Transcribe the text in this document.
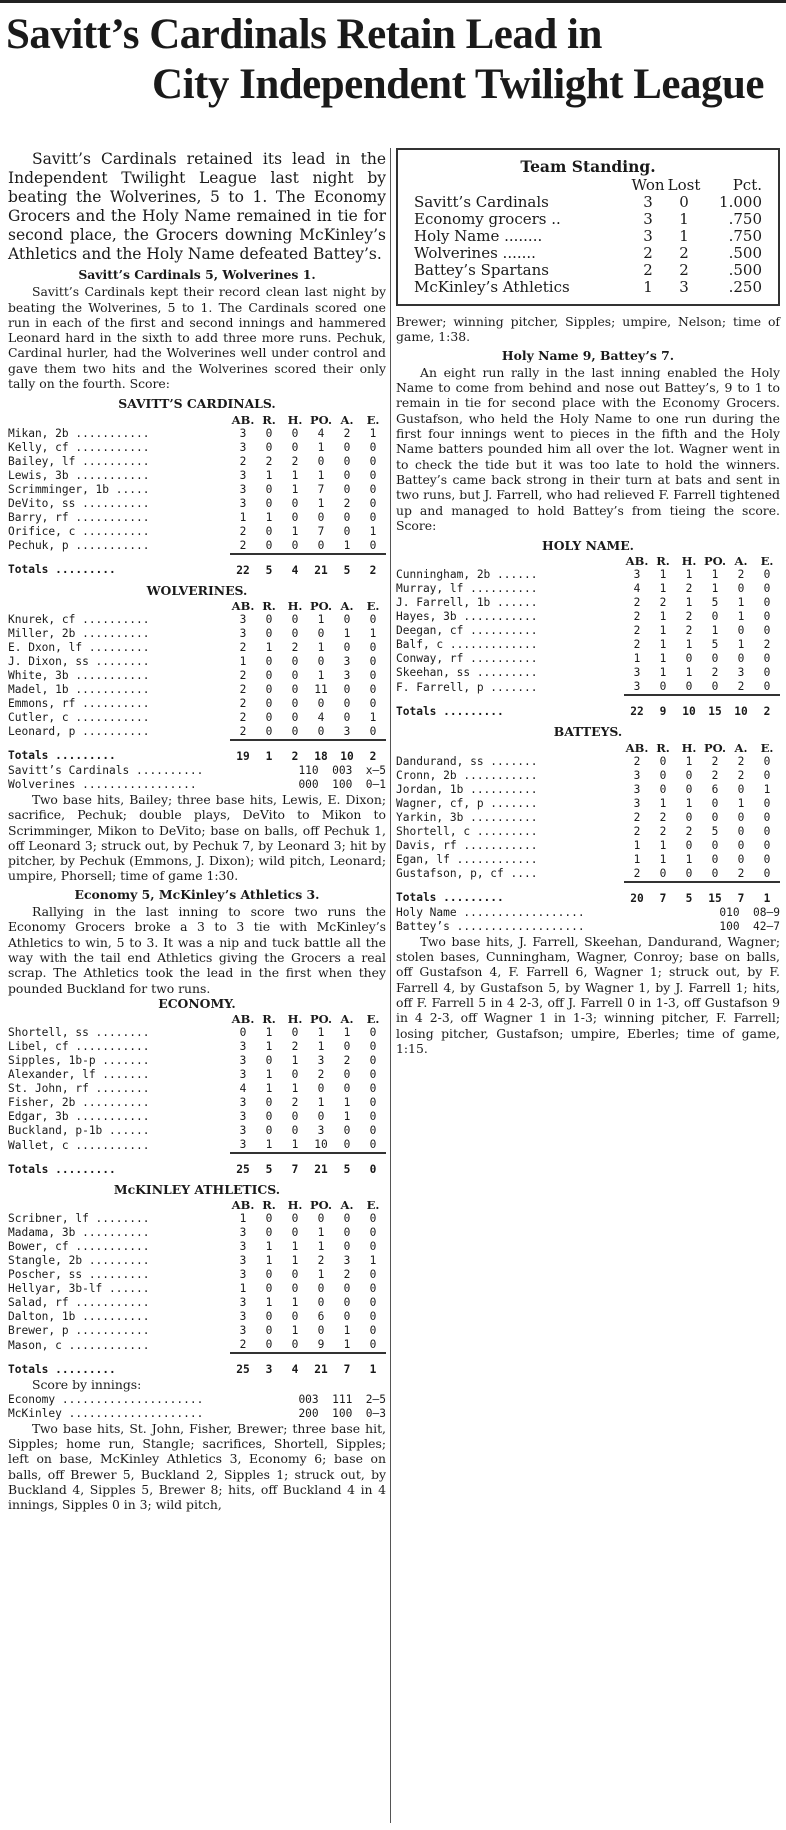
Savitt’s Cardinals Retain Lead in
City Independent Twilight League

Savitt’s Cardinals retained its lead in the Independent Twilight League last night by beating the Wolverines, 5 to 1. The Economy Grocers and the Holy Name remained in tie for second place, the Grocers downing McKinley’s Athletics and the Holy Name defeated Battey’s.

Savitt’s Cardinals 5, Wolverines 1.

Savitt’s Cardinals kept their record clean last night by beating the Wolverines, 5 to 1. The Cardinals scored one run in each of the first and second innings and hammered Leonard hard in the sixth to add three more runs. Pechuk, Cardinal hurler, had the Wolverines well under control and gave them two hits and the Wolverines scored their only tally on the fourth. Score:

SAVITT’S CARDINALS.
	AB.	R.	H.	PO.	A.	E.
Mikan, 2b ...........	3	0	0	4	2	1
Kelly, cf ...........	3	0	0	1	0	0
Bailey, lf ..........	2	2	2	0	0	0
Lewis, 3b ...........	3	1	1	1	0	0
Scrimminger, 1b .....	3	0	1	7	0	0
DeVito, ss ..........	3	0	0	1	2	0
Barry, rf ...........	1	1	0	0	0	0
Orifice, c ..........	2	0	1	7	0	1
Pechuk, p ...........	2	0	0	0	1	0
Totals .........	22	5	4	21	5	2
WOLVERINES.
	AB.	R.	H.	PO.	A.	E.
Knurek, cf ..........	3	0	0	1	0	0
Miller, 2b ..........	3	0	0	0	1	1
E. Dxon, lf .........	2	1	2	1	0	0
J. Dixon, ss ........	1	0	0	0	3	0
White, 3b ...........	2	0	0	1	3	0
Madel, 1b ...........	2	0	0	11	0	0
Emmons, rf ..........	2	0	0	0	0	0
Cutler, c ...........	2	0	0	4	0	1
Leonard, p ..........	2	0	0	0	3	0
Totals .........	19	1	2	18	10	2
Savitt’s Cardinals ..........	110  003  x—5
Wolverines .................	000  100  0—1

Two base hits, Bailey; three base hits, Lewis, E. Dixon; sacrifice, Pechuk; double plays, DeVito to Mikon to Scrimminger, Mikon to DeVito; base on balls, off Pechuk 1, off Leonard 3; struck out, by Pechuk 7, by Leonard 3; hit by pitcher, by Pechuk (Emmons, J. Dixon); wild pitch, Leonard; umpire, Phorsell; time of game 1:30.

Economy 5, McKinley’s Athletics 3.

Rallying in the last inning to score two runs the Economy Grocers broke a 3 to 3 tie with McKinley’s Athletics to win, 5 to 3. It was a nip and tuck battle all the way with the tail end Athletics giving the Grocers a real scrap. The Athletics took the lead in the first when they pounded Buckland for two runs.

ECONOMY.
	AB.	R.	H.	PO.	A.	E.
Shortell, ss ........	0	1	0	1	1	0
Libel, cf ...........	3	1	2	1	0	0
Sipples, 1b-p .......	3	0	1	3	2	0
Alexander, lf .......	3	1	0	2	0	0
St. John, rf ........	4	1	1	0	0	0
Fisher, 2b ..........	3	0	2	1	1	0
Edgar, 3b ...........	3	0	0	0	1	0
Buckland, p-1b ......	3	0	0	3	0	0
Wallet, c ...........	3	1	1	10	0	0
Totals .........	25	5	7	21	5	0
McKINLEY ATHLETICS.
	AB.	R.	H.	PO.	A.	E.
Scribner, lf ........	1	0	0	0	0	0
Madama, 3b ..........	3	0	0	1	0	0
Bower, cf ...........	3	1	1	1	0	0
Stangle, 2b .........	3	1	1	2	3	1
Poscher, ss .........	3	0	0	1	2	0
Hellyar, 3b-lf ......	1	0	0	0	0	0
Salad, rf ...........	3	1	1	0	0	0
Dalton, 1b ..........	3	0	0	6	0	0
Brewer, p ...........	3	0	1	0	1	0
Mason, c ............	2	0	0	9	1	0
Totals .........	25	3	4	21	7	1
Score by innings:
Economy .....................	003  111  2—5
McKinley ....................	200  100  0—3

Two base hits, St. John, Fisher, Brewer; three base hit, Sipples; home run, Stangle; sacrifices, Shortell, Sipples; left on base, McKinley Athletics 3, Economy 6; base on balls, off Brewer 5, Buckland 2, Sipples 1; struck out, by Buckland 4, Sipples 5, Brewer 8; hits, off Buckland 4 in 4 innings, Sipples 0 in 3; wild pitch,

Team Standing.
	Won	Lost	Pct.
Savitt’s Cardinals	3	0	1.000
Economy grocers ..	3	1	.750
Holy Name ........	3	1	.750
Wolverines .......	2	2	.500
Battey’s Spartans	2	2	.500
McKinley’s Athletics	1	3	.250

Brewer; winning pitcher, Sipples; umpire, Nelson; time of game, 1:38.

Holy Name 9, Battey’s 7.

An eight run rally in the last inning enabled the Holy Name to come from behind and nose out Battey’s, 9 to 1 to remain in tie for second place with the Economy Grocers. Gustafson, who held the Holy Name to one run during the first four innings went to pieces in the fifth and the Holy Name batters pounded him all over the lot. Wagner went in to check the tide but it was too late to hold the winners. Battey’s came back strong in their turn at bats and sent in two runs, but J. Farrell, who had relieved F. Farrell tightened up and managed to hold Battey’s from tieing the score. Score:

HOLY NAME.
	AB.	R.	H.	PO.	A.	E.
Cunningham, 2b ......	3	1	1	1	2	0
Murray, lf ..........	4	1	2	1	0	0
J. Farrell, 1b ......	2	2	1	5	1	0
Hayes, 3b ...........	2	1	2	0	1	0
Deegan, cf ..........	2	1	2	1	0	0
Balf, c .............	2	1	1	5	1	2
Conway, rf ..........	1	1	0	0	0	0
Skeehan, ss .........	3	1	1	2	3	0
F. Farrell, p .......	3	0	0	0	2	0
Totals .........	22	9	10	15	10	2
BATTEYS.
	AB.	R.	H.	PO.	A.	E.
Dandurand, ss .......	2	0	1	2	2	0
Cronn, 2b ...........	3	0	0	2	2	0
Jordan, 1b ..........	3	0	0	6	0	1
Wagner, cf, p .......	3	1	1	0	1	0
Yarkin, 3b ..........	2	2	0	0	0	0
Shortell, c .........	2	2	2	5	0	0
Davis, rf ...........	1	1	0	0	0	0
Egan, lf ............	1	1	1	0	0	0
Gustafson, p, cf ....	2	0	0	0	2	0
Totals .........	20	7	5	15	7	1
Holy Name ..................	010  08—9
Battey’s ...................	100  42—7

Two base hits, J. Farrell, Skeehan, Dandurand, Wagner; stolen bases, Cunningham, Wagner, Conroy; base on balls, off Gustafson 4, F. Farrell 6, Wagner 1; struck out, by F. Farrell 4, by Gustafson 5, by Wagner 1, by J. Farrell 1; hits, off F. Farrell 5 in 4 2-3, off J. Farrell 0 in 1-3, off Gustafson 9 in 4 2-3, off Wagner 1 in 1-3; winning pitcher, F. Farrell; losing pitcher, Gustafson; umpire, Eberles; time of game, 1:15.
